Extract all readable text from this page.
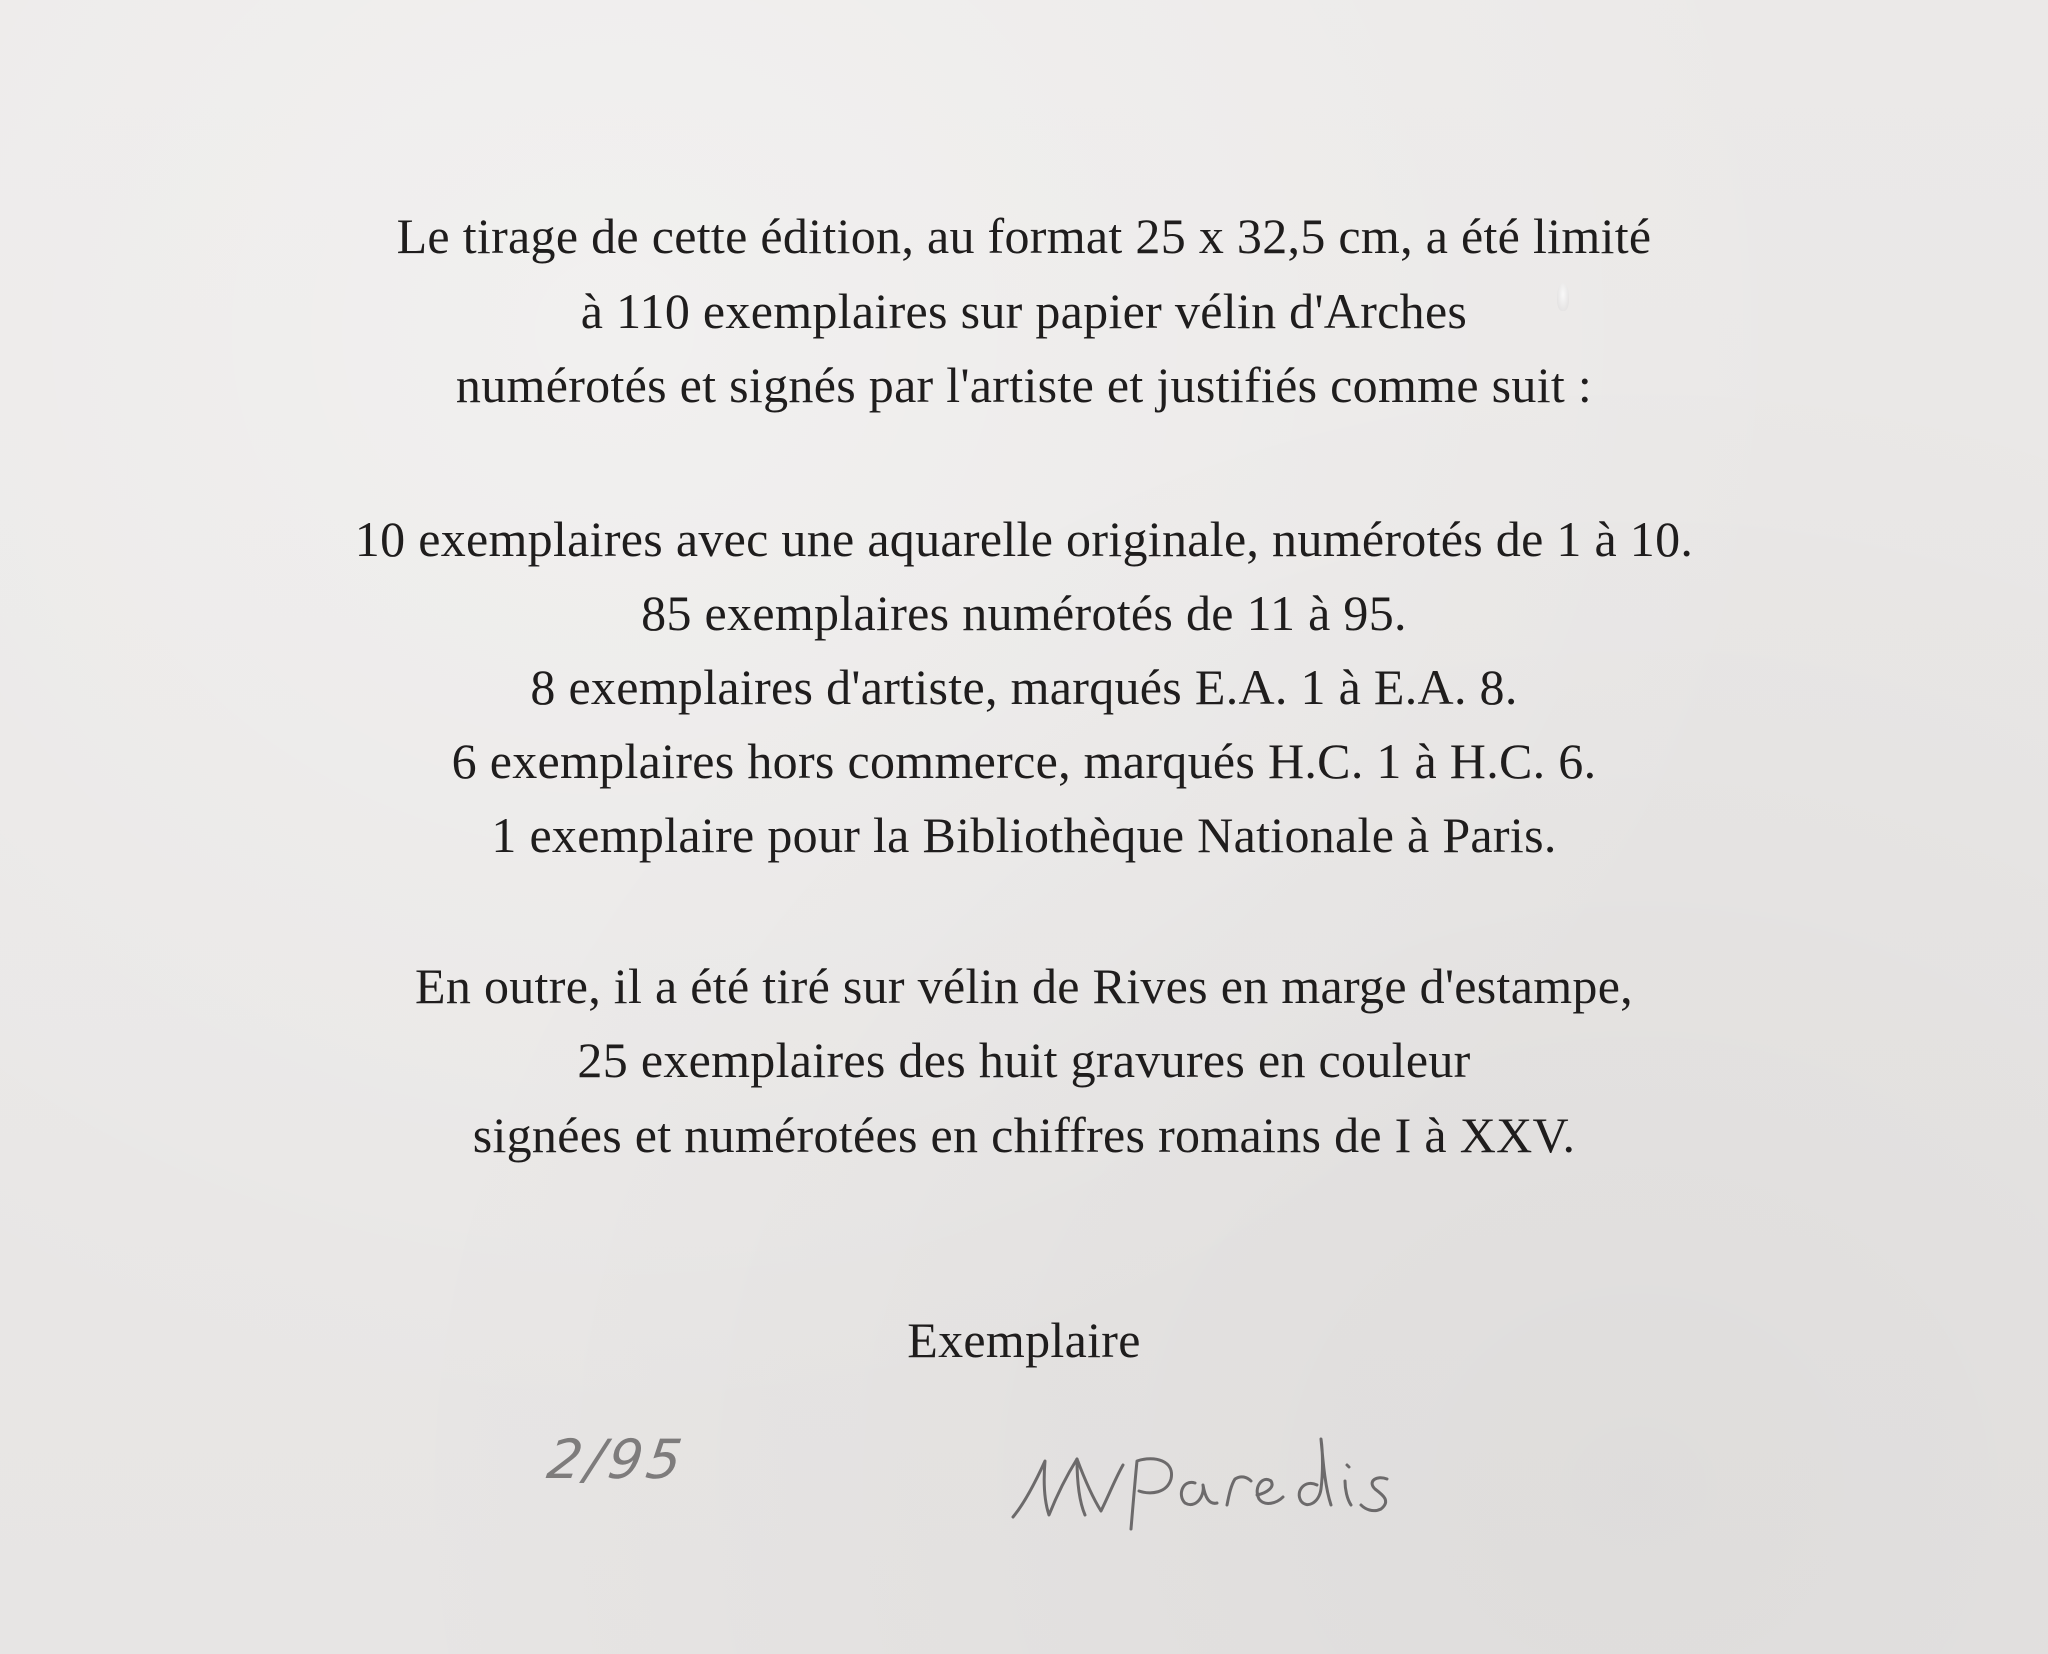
Le tirage de cette édition, au format 25 x 32,5 cm, a été limité
à 110 exemplaires sur papier vélin d'Arches
numérotés et signés par l'artiste et justifiés comme suit :
10 exemplaires avec une aquarelle originale, numérotés de 1 à 10.
85 exemplaires numérotés de 11 à 95.
8 exemplaires d'artiste, marqués E.A. 1 à E.A. 8.
6 exemplaires hors commerce, marqués H.C. 1 à H.C. 6.
1 exemplaire pour la Bibliothèque Nationale à Paris.
En outre, il a été tiré sur vélin de Rives en marge d'estampe,
25 exemplaires des huit gravures en couleur
signées et numérotées en chiffres romains de I à XXV.
Exemplaire
2/95
